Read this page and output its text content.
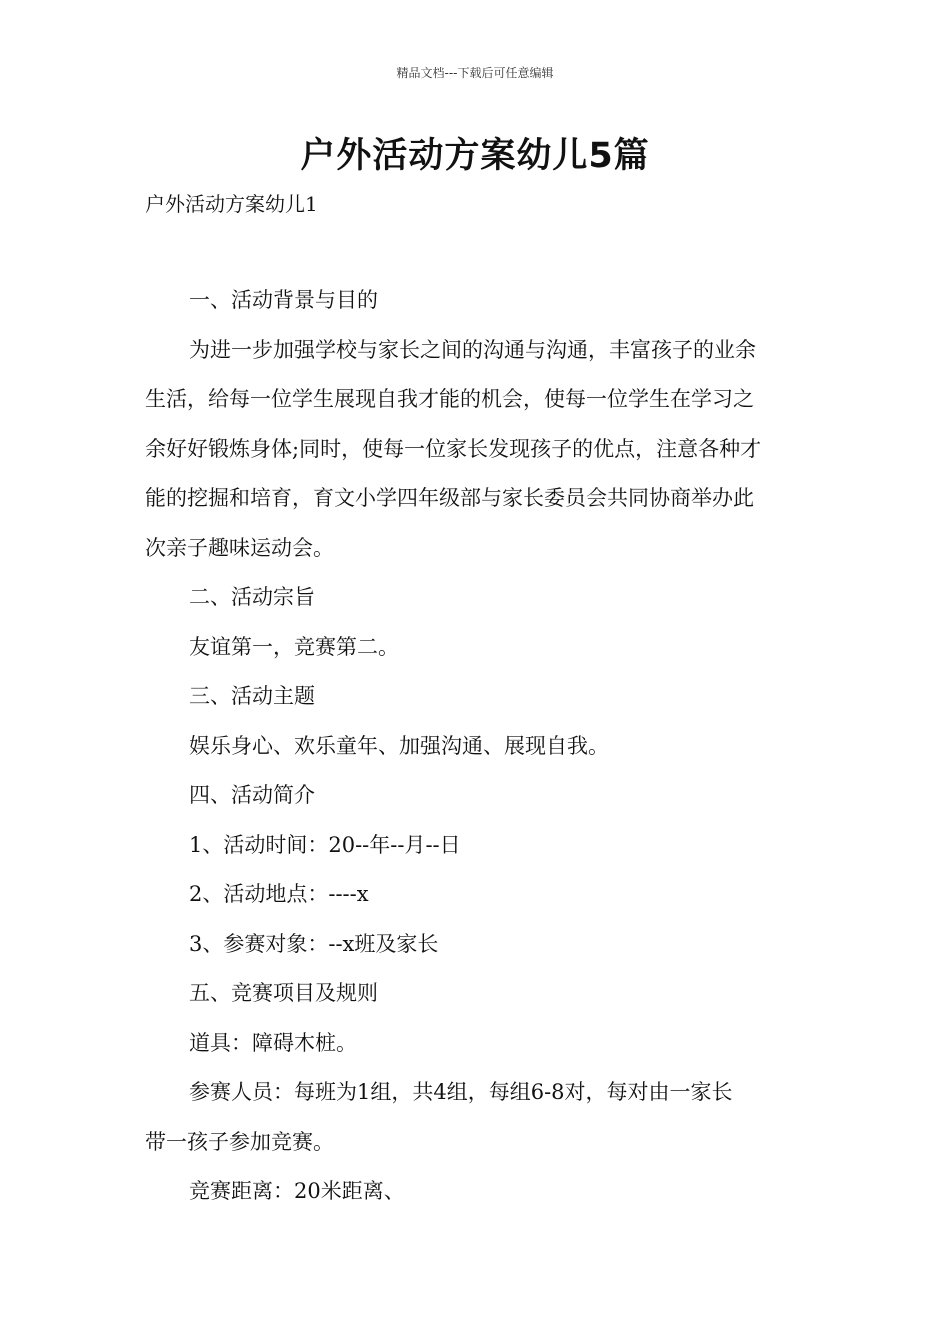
精品文档---下载后可任意编辑
户外活动方案幼儿5篇
户外活动方案幼儿1
一、活动背景与目的
为进一步加强学校与家长之间的沟通与沟通，丰富孩子的业余
生活，给每一位学生展现自我才能的机会，使每一位学生在学习之
余好好锻炼身体;同时，使每一位家长发现孩子的优点，注意各种才
能的挖掘和培育，育文小学四年级部与家长委员会共同协商举办此
次亲子趣味运动会。
二、活动宗旨
友谊第一，竞赛第二。
三、活动主题
娱乐身心、欢乐童年、加强沟通、展现自我。
四、活动简介
1、活动时间：20--年--月--日
2、活动地点：----x
3、参赛对象：--x班及家长
五、竞赛项目及规则
道具：障碍木桩。
参赛人员：每班为1组，共4组，每组6-8对，每对由一家长
带一孩子参加竞赛。
竞赛距离：20米距离、
